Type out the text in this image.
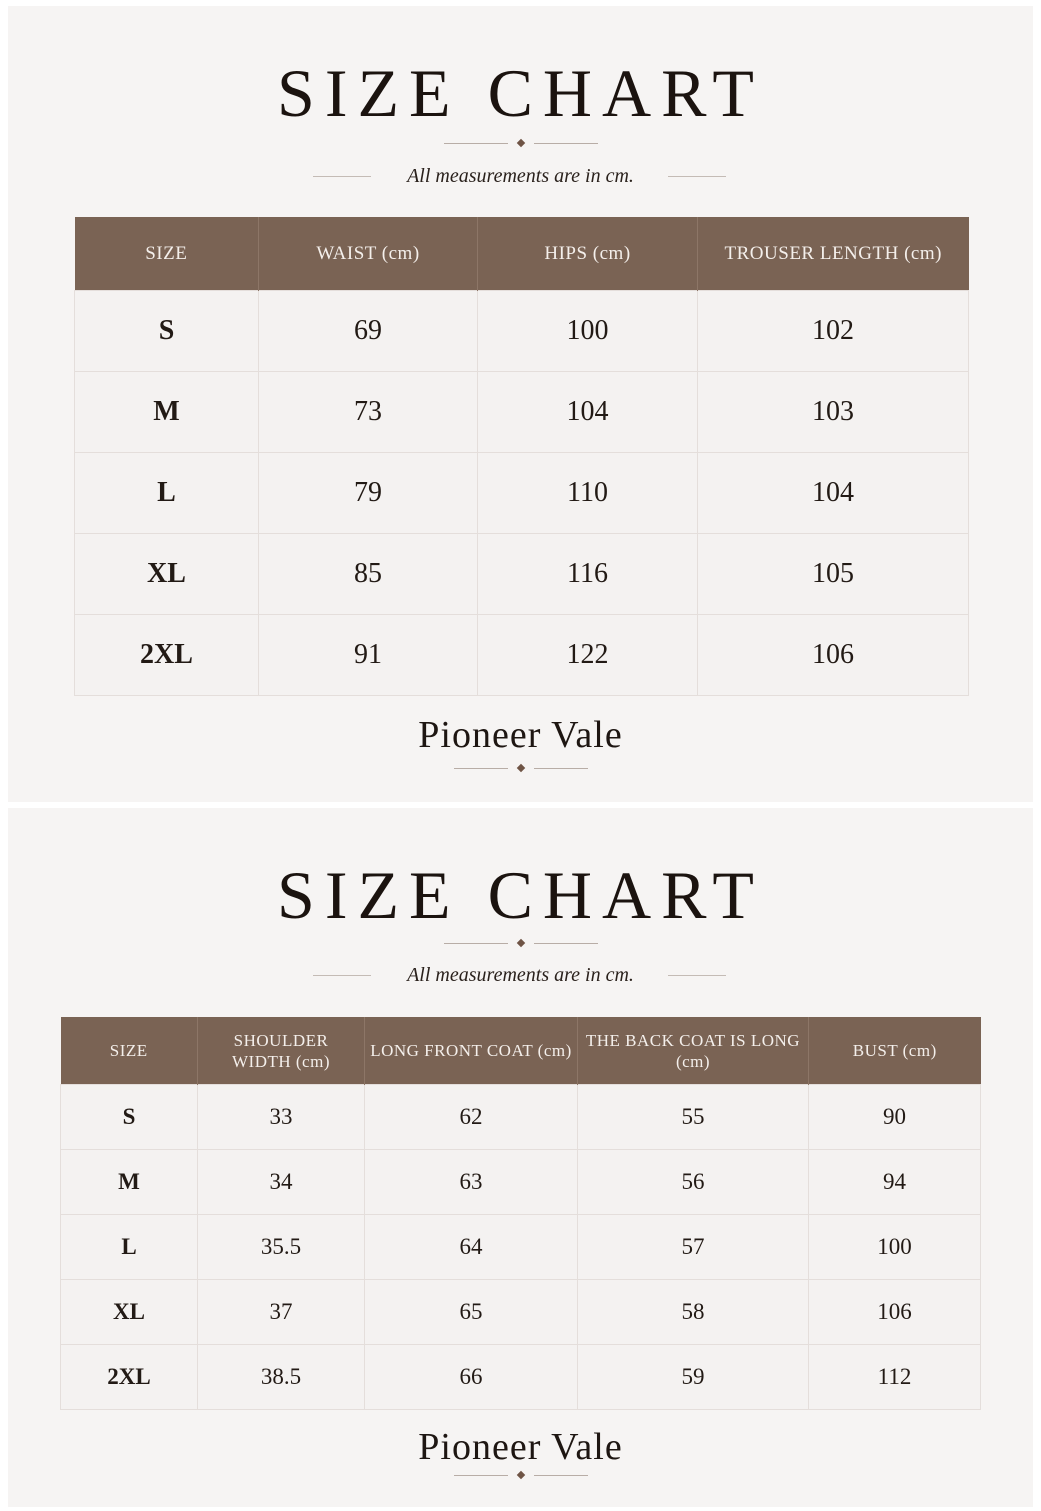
SIZE CHART
All measurements are in cm.
SIZE	WAIST (cm)	HIPS (cm)	TROUSER LENGTH (cm)
S	69	100	102
M	73	104	103
L	79	110	104
XL	85	116	105
2XL	91	122	106
Pioneer Vale
SIZE CHART
All measurements are in cm.
SIZE	SHOULDER WIDTH (cm)	LONG FRONT COAT (cm)	THE BACK COAT IS LONG (cm)	BUST (cm)
S	33	62	55	90
M	34	63	56	94
L	35.5	64	57	100
XL	37	65	58	106
2XL	38.5	66	59	112
Pioneer Vale
